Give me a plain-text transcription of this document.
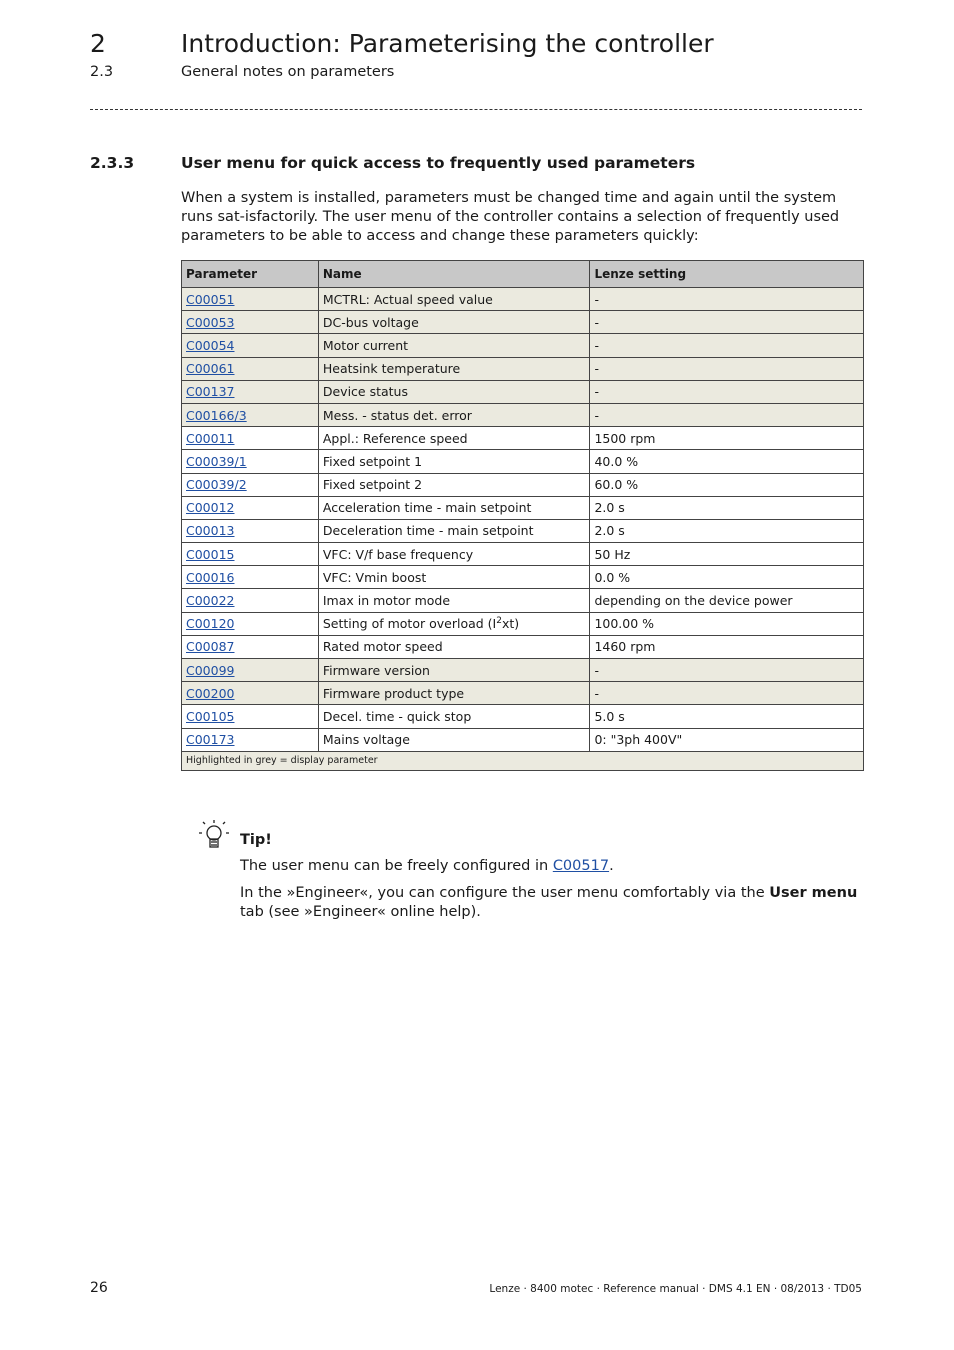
2	Introduction: Parameterising the controller
2.3	General notes on parameters
2.3.3	User menu for quick access to frequently used parameters
When a system is installed, parameters must be changed time and again until the system runs sat-isfactorily. The user menu of the controller contains a selection of frequently used parameters to be able to access and change these parameters quickly:
Parameter	Name	Lenze setting
C00051	MCTRL: Actual speed value	-
C00053	DC-bus voltage	-
C00054	Motor current	-
C00061	Heatsink temperature	-
C00137	Device status	-
C00166/3	Mess. - status det. error	-
C00011	Appl.: Reference speed	1500 rpm
C00039/1	Fixed setpoint 1	40.0 %
C00039/2	Fixed setpoint 2	60.0 %
C00012	Acceleration time - main setpoint	2.0 s
C00013	Deceleration time - main setpoint	2.0 s
C00015	VFC: V/f base frequency	50 Hz
C00016	VFC: Vmin boost	0.0 %
C00022	Imax in motor mode	depending on the device power
C00120	Setting of motor overload $(I^2xt)$	100.00 %
C00087	Rated motor speed	1460 rpm
C00099	Firmware version	-
C00200	Firmware product type	-
C00105	Decel. time - quick stop	5.0 s
C00173	Mains voltage	0: "3ph 400V"
Highlighted in grey = display parameter		
Tip!
The user menu can be freely configured in C00517.
In the »Engineer«, you can configure the user menu comfortably via the User menu tab (see »Engineer« online help).
26	Lenze · 8400 motec · Reference manual · DMS 4.1 EN · 08/2013 · TD05
